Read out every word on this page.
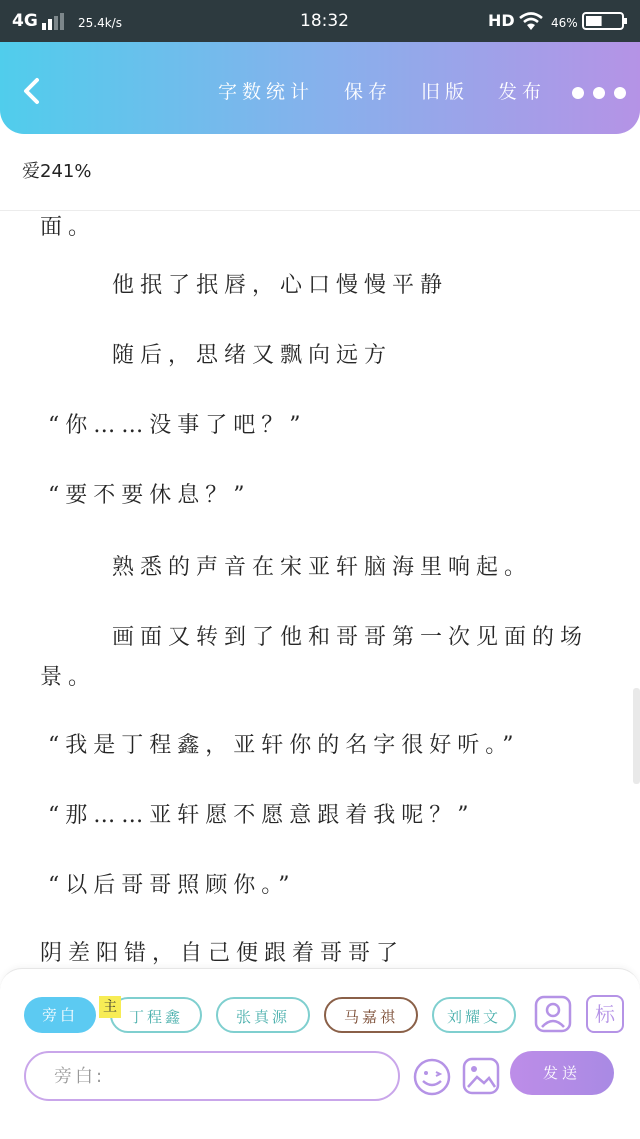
4G	25.4k/s	18:32	HD	46%
字数统计 保存 旧版 发布
爱241%
面。
　　他抿了抿唇，心口慢慢平静
　　随后，思绪又飘向远方
“你……没事了吧？”
“要不要休息？”
　　熟悉的声音在宋亚轩脑海里响起。
　　画面又转到了他和哥哥第一次见面的场
景。
“我是丁程鑫，亚轩你的名字很好听。”
“那……亚轩愿不愿意跟着我呢？”
“以后哥哥照顾你。”
阴差阳错，自己便跟着哥哥了
旁白	丁程鑫
主
张真源	马嘉祺	刘耀文	标
旁白:
发送
